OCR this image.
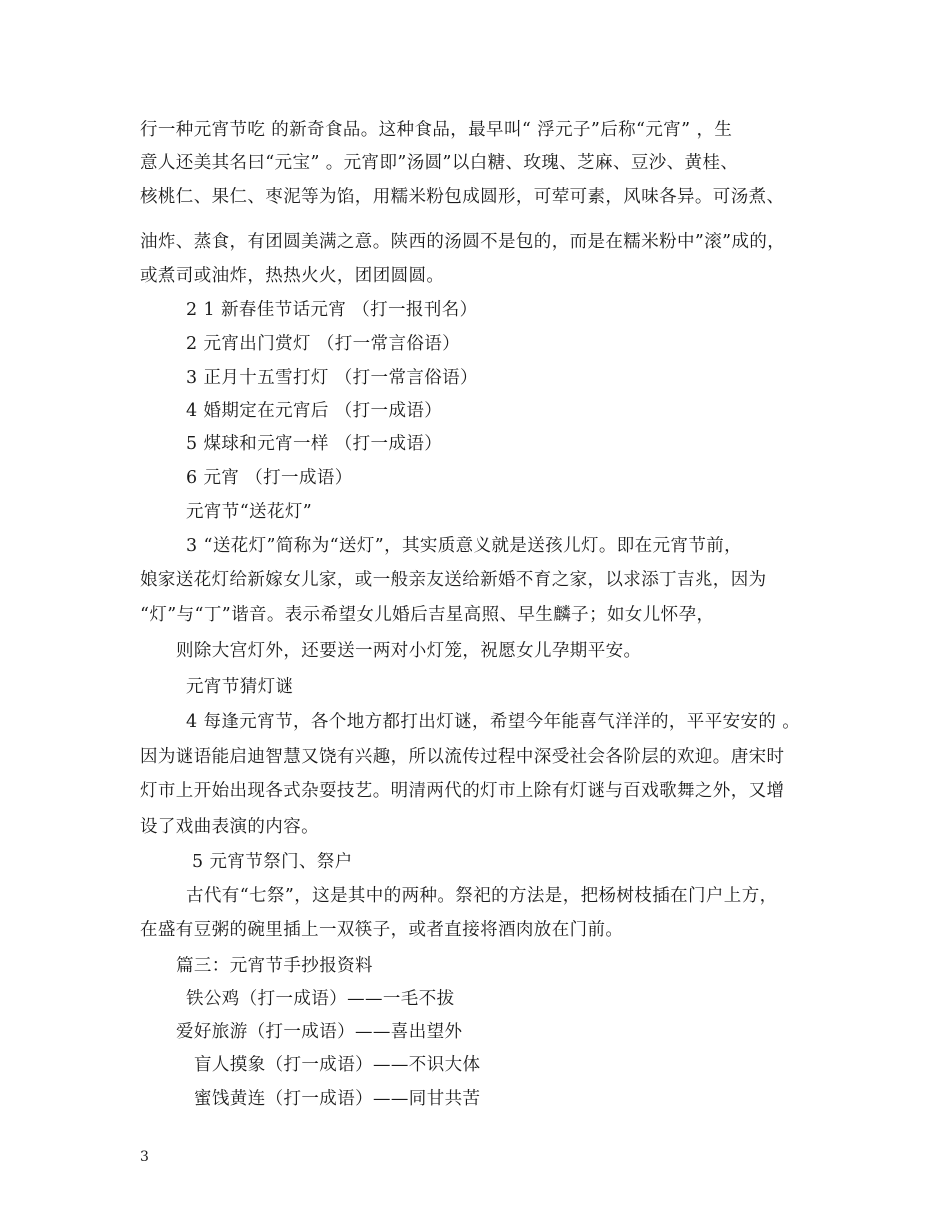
行一种元宵节吃 的新奇食品。这种食品，最早叫“ 浮元子”后称“元宵” ，生
意人还美其名曰“元宝” 。元宵即”汤圆”以白糖、玫瑰、芝麻、豆沙、黄桂、
核桃仁、果仁、枣泥等为馅，用糯米粉包成圆形，可荤可素，风味各异。可汤煮、
油炸、蒸食，有团圆美满之意。陕西的汤圆不是包的，而是在糯米粉中”滚”成的，
或煮司或油炸，热热火火，团团圆圆。
2 1 新春佳节话元宵 （打一报刊名）
2 元宵出门赏灯 （打一常言俗语）
3 正月十五雪打灯 （打一常言俗语）
4 婚期定在元宵后 （打一成语）
5 煤球和元宵一样 （打一成语）
6 元宵 （打一成语）
元宵节“送花灯”
3 “送花灯”简称为“送灯”，其实质意义就是送孩儿灯。即在元宵节前，
娘家送花灯给新嫁女儿家，或一般亲友送给新婚不育之家，以求添丁吉兆，因为
“灯”与“丁”谐音。表示希望女儿婚后吉星高照、早生麟子；如女儿怀孕，
则除大宫灯外，还要送一两对小灯笼，祝愿女儿孕期平安。
元宵节猜灯谜
4 每逢元宵节，各个地方都打出灯谜，希望今年能喜气洋洋的，平平安安的 。
因为谜语能启迪智慧又饶有兴趣，所以流传过程中深受社会各阶层的欢迎。唐宋时
灯市上开始出现各式杂耍技艺。明清两代的灯市上除有灯谜与百戏歌舞之外，又增
设了戏曲表演的内容。
5 元宵节祭门、祭户
古代有“七祭”，这是其中的两种。祭祀的方法是，把杨树枝插在门户上方，
在盛有豆粥的碗里插上一双筷子，或者直接将酒肉放在门前。
篇三：元宵节手抄报资料
铁公鸡（打一成语）——一毛不拔
爱好旅游（打一成语）——喜出望外
盲人摸象（打一成语）——不识大体
蜜饯黄连（打一成语）——同甘共苦
3
